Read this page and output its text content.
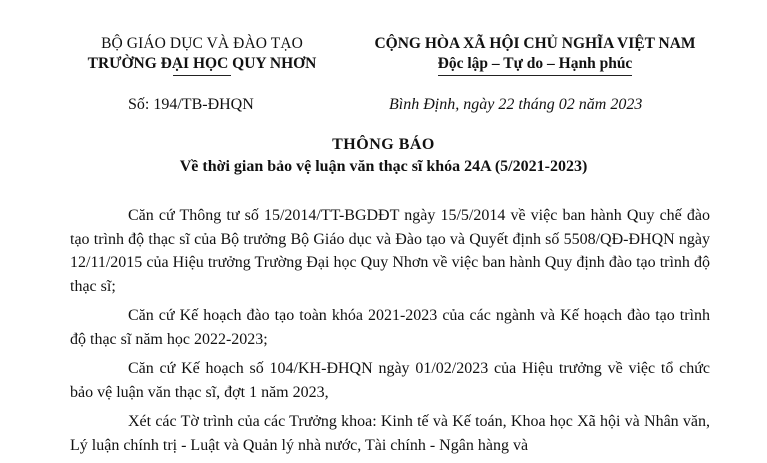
BỘ GIÁO DỤC VÀ ĐÀO TẠO
TRƯỜNG ĐẠI HỌC QUY NHƠN
CỘNG HÒA XÃ HỘI CHỦ NGHĨA VIỆT NAM
Độc lập – Tự do – Hạnh phúc
Số: 194/TB-ĐHQN	Bình Định, ngày 22 tháng 02 năm 2023
THÔNG BÁO
Về thời gian bảo vệ luận văn thạc sĩ khóa 24A (5/2021-2023)

Căn cứ Thông tư số 15/2014/TT-BGDĐT ngày 15/5/2014 về việc ban hành Quy chế đào tạo trình độ thạc sĩ của Bộ trưởng Bộ Giáo dục và Đào tạo và Quyết định số 5508/QĐ-ĐHQN ngày 12/11/2015 của Hiệu trưởng Trường Đại học Quy Nhơn về việc ban hành Quy định đào tạo trình độ thạc sĩ;

Căn cứ Kế hoạch đào tạo toàn khóa 2021-2023 của các ngành và Kế hoạch đào tạo trình độ thạc sĩ năm học 2022-2023;

Căn cứ Kế hoạch số 104/KH-ĐHQN ngày 01/02/2023 của Hiệu trưởng về việc tổ chức bảo vệ luận văn thạc sĩ, đợt 1 năm 2023,

Xét các Tờ trình của các Trưởng khoa: Kinh tế và Kế toán, Khoa học Xã hội và Nhân văn, Lý luận chính trị - Luật và Quản lý nhà nước, Tài chính - Ngân hàng và
